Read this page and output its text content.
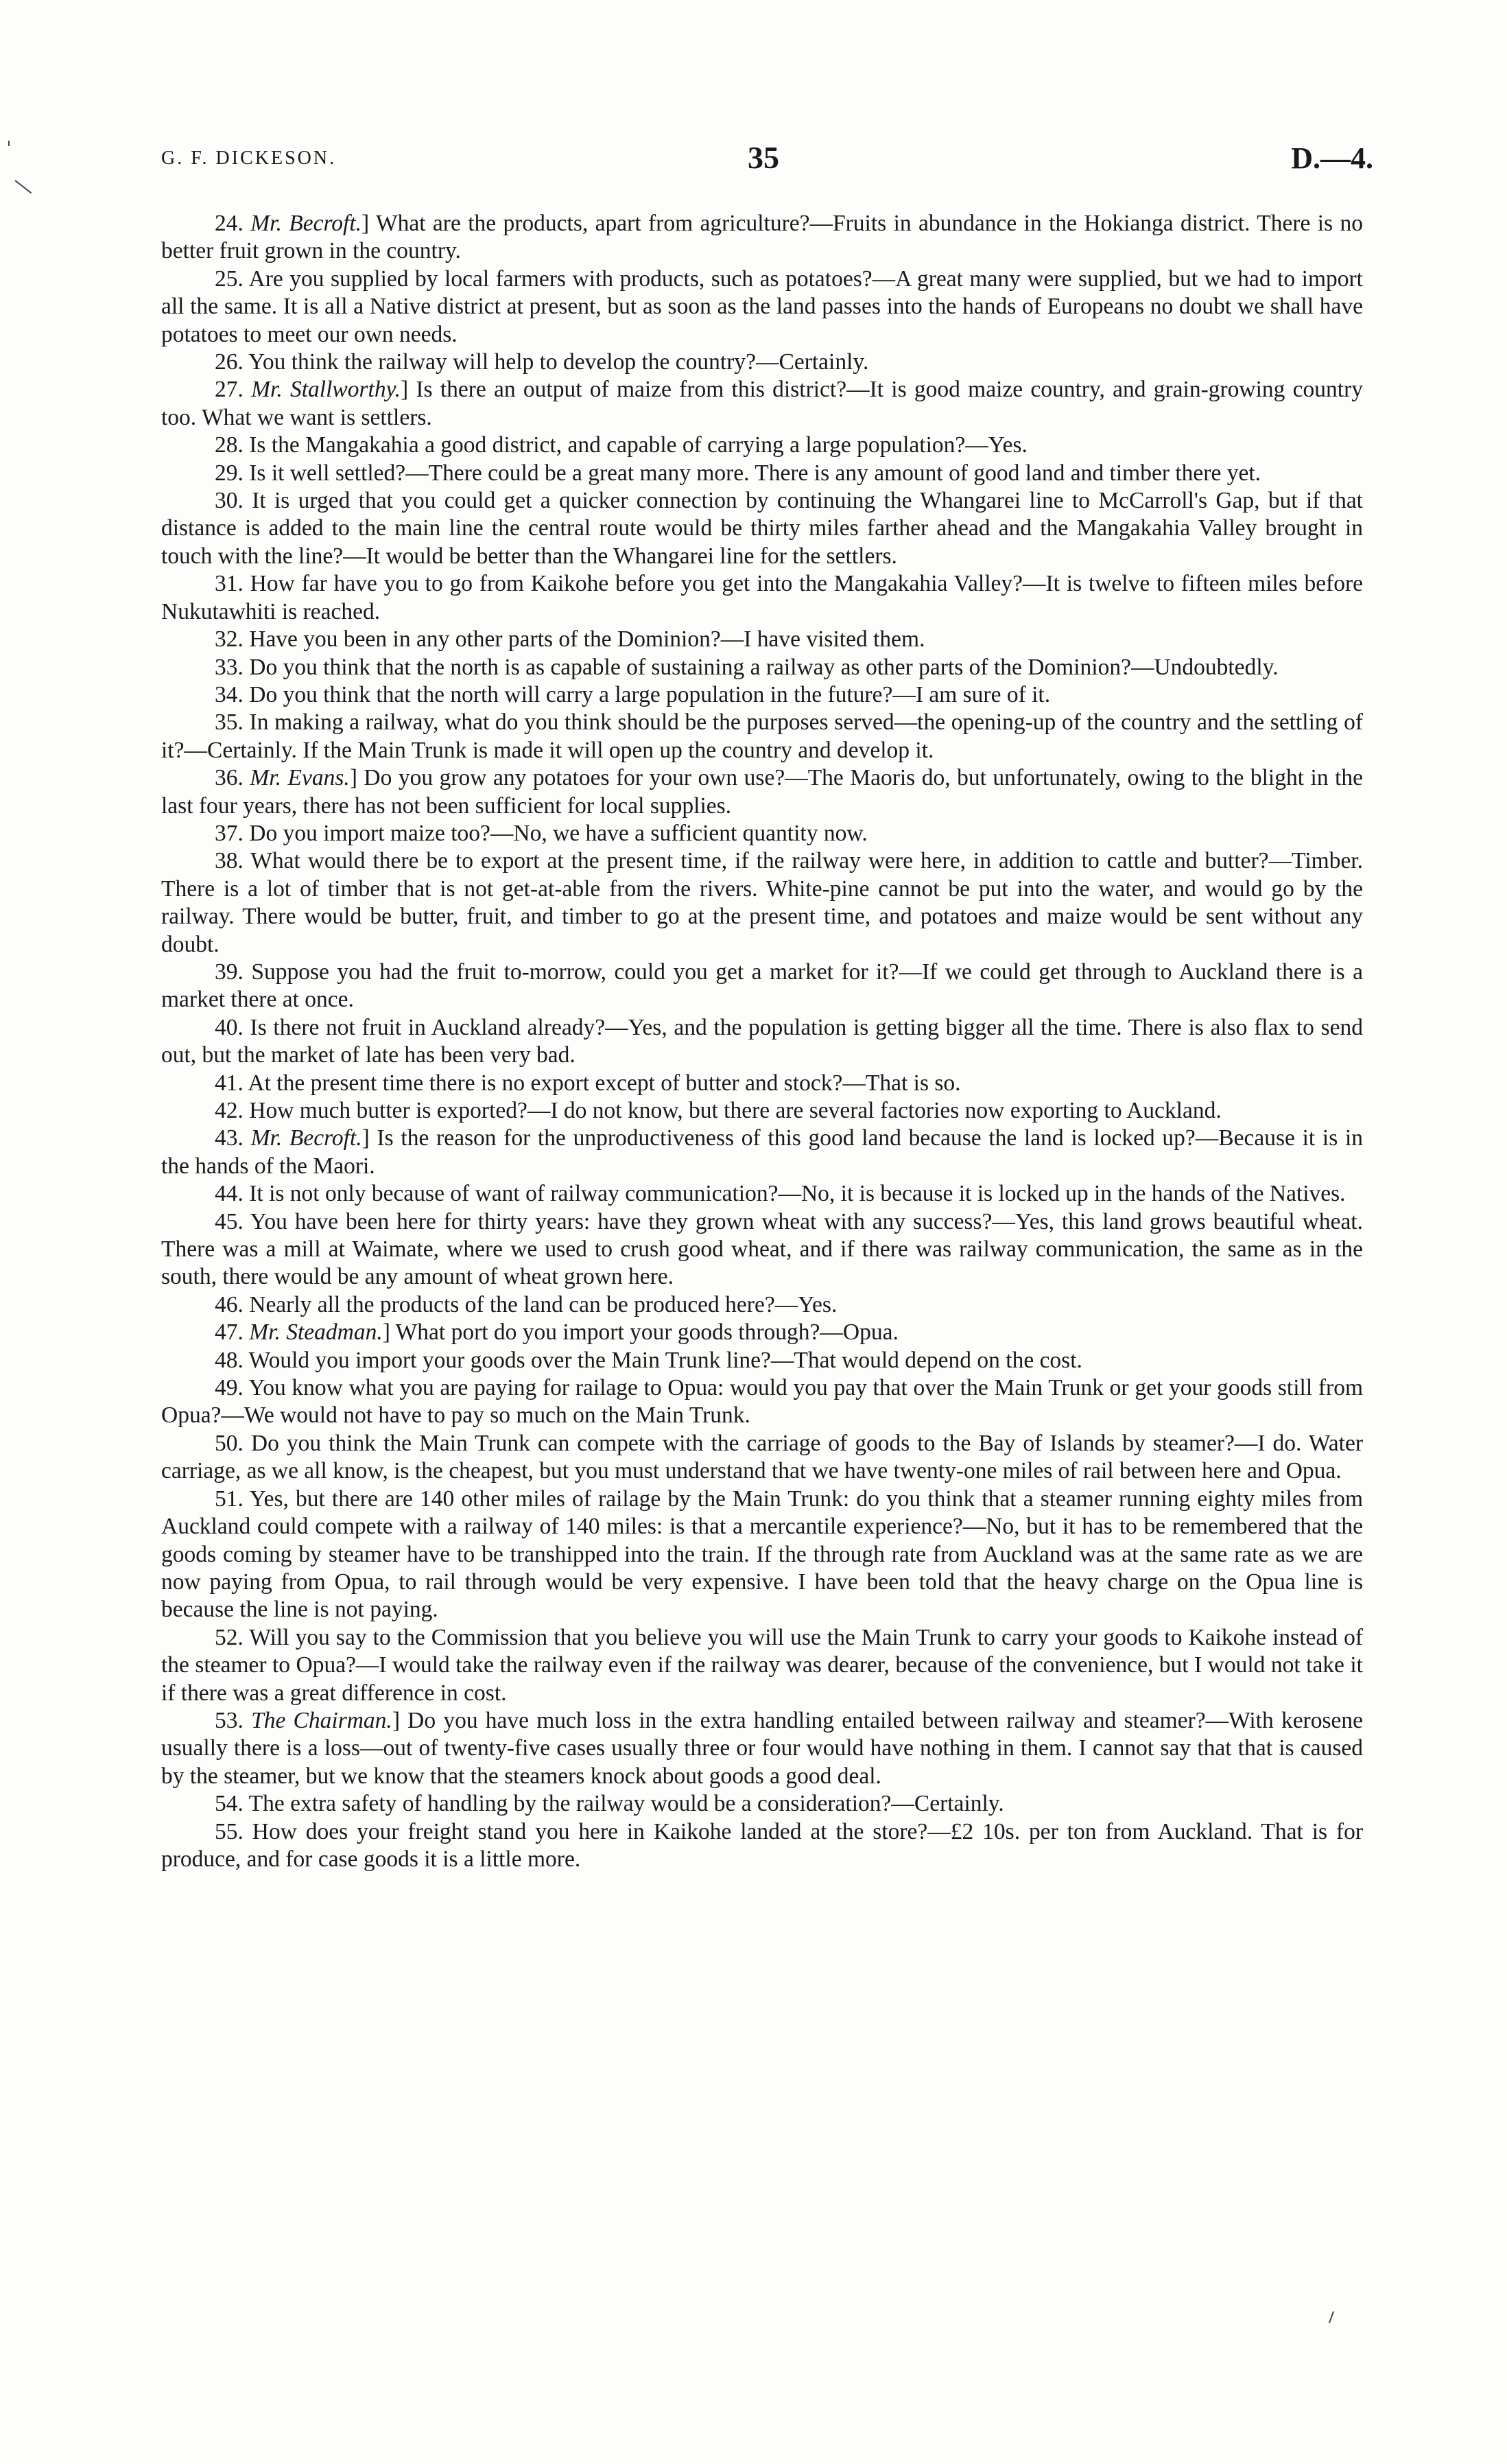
G. F. DICKESON.	35	D.—4.

24. Mr. Becroft.] What are the products, apart from agriculture?—Fruits in abundance in the Hokianga district. There is no better fruit grown in the country.

25. Are you supplied by local farmers with products, such as potatoes?—A great many were supplied, but we had to import all the same. It is all a Native district at present, but as soon as the land passes into the hands of Europeans no doubt we shall have potatoes to meet our own needs.

26. You think the railway will help to develop the country?—Certainly.

27. Mr. Stallworthy.] Is there an output of maize from this district?—It is good maize country, and grain-growing country too. What we want is settlers.

28. Is the Mangakahia a good district, and capable of carrying a large population?—Yes.

29. Is it well settled?—There could be a great many more. There is any amount of good land and timber there yet.

30. It is urged that you could get a quicker connection by continuing the Whangarei line to McCarroll's Gap, but if that distance is added to the main line the central route would be thirty miles farther ahead and the Mangakahia Valley brought in touch with the line?—It would be better than the Whangarei line for the settlers.

31. How far have you to go from Kaikohe before you get into the Mangakahia Valley?—It is twelve to fifteen miles before Nukutawhiti is reached.

32. Have you been in any other parts of the Dominion?—I have visited them.

33. Do you think that the north is as capable of sustaining a railway as other parts of the Dominion?—Undoubtedly.

34. Do you think that the north will carry a large population in the future?—I am sure of it.

35. In making a railway, what do you think should be the purposes served—the opening-up of the country and the settling of it?—Certainly. If the Main Trunk is made it will open up the country and develop it.

36. Mr. Evans.] Do you grow any potatoes for your own use?—The Maoris do, but unfortunately, owing to the blight in the last four years, there has not been sufficient for local supplies.

37. Do you import maize too?—No, we have a sufficient quantity now.

38. What would there be to export at the present time, if the railway were here, in addition to cattle and butter?—Timber. There is a lot of timber that is not get-at-able from the rivers. White-pine cannot be put into the water, and would go by the railway. There would be butter, fruit, and timber to go at the present time, and potatoes and maize would be sent without any doubt.

39. Suppose you had the fruit to-morrow, could you get a market for it?—If we could get through to Auckland there is a market there at once.

40. Is there not fruit in Auckland already?—Yes, and the population is getting bigger all the time. There is also flax to send out, but the market of late has been very bad.

41. At the present time there is no export except of butter and stock?—That is so.

42. How much butter is exported?—I do not know, but there are several factories now exporting to Auckland.

43. Mr. Becroft.] Is the reason for the unproductiveness of this good land because the land is locked up?—Because it is in the hands of the Maori.

44. It is not only because of want of railway communication?—No, it is because it is locked up in the hands of the Natives.

45. You have been here for thirty years: have they grown wheat with any success?—Yes, this land grows beautiful wheat. There was a mill at Waimate, where we used to crush good wheat, and if there was railway communication, the same as in the south, there would be any amount of wheat grown here.

46. Nearly all the products of the land can be produced here?—Yes.

47. Mr. Steadman.] What port do you import your goods through?—Opua.

48. Would you import your goods over the Main Trunk line?—That would depend on the cost.

49. You know what you are paying for railage to Opua: would you pay that over the Main Trunk or get your goods still from Opua?—We would not have to pay so much on the Main Trunk.

50. Do you think the Main Trunk can compete with the carriage of goods to the Bay of Islands by steamer?—I do. Water carriage, as we all know, is the cheapest, but you must understand that we have twenty-one miles of rail between here and Opua.

51. Yes, but there are 140 other miles of railage by the Main Trunk: do you think that a steamer running eighty miles from Auckland could compete with a railway of 140 miles: is that a mercantile experience?—No, but it has to be remembered that the goods coming by steamer have to be transhipped into the train. If the through rate from Auckland was at the same rate as we are now paying from Opua, to rail through would be very expensive. I have been told that the heavy charge on the Opua line is because the line is not paying.

52. Will you say to the Commission that you believe you will use the Main Trunk to carry your goods to Kaikohe instead of the steamer to Opua?—I would take the railway even if the railway was dearer, because of the convenience, but I would not take it if there was a great difference in cost.

53. The Chairman.] Do you have much loss in the extra handling entailed between railway and steamer?—With kerosene usually there is a loss—out of twenty-five cases usually three or four would have nothing in them. I cannot say that that is caused by the steamer, but we know that the steamers knock about goods a good deal.

54. The extra safety of handling by the railway would be a consideration?—Certainly.

55. How does your freight stand you here in Kaikohe landed at the store?—£2 10s. per ton from Auckland. That is for produce, and for case goods it is a little more.
